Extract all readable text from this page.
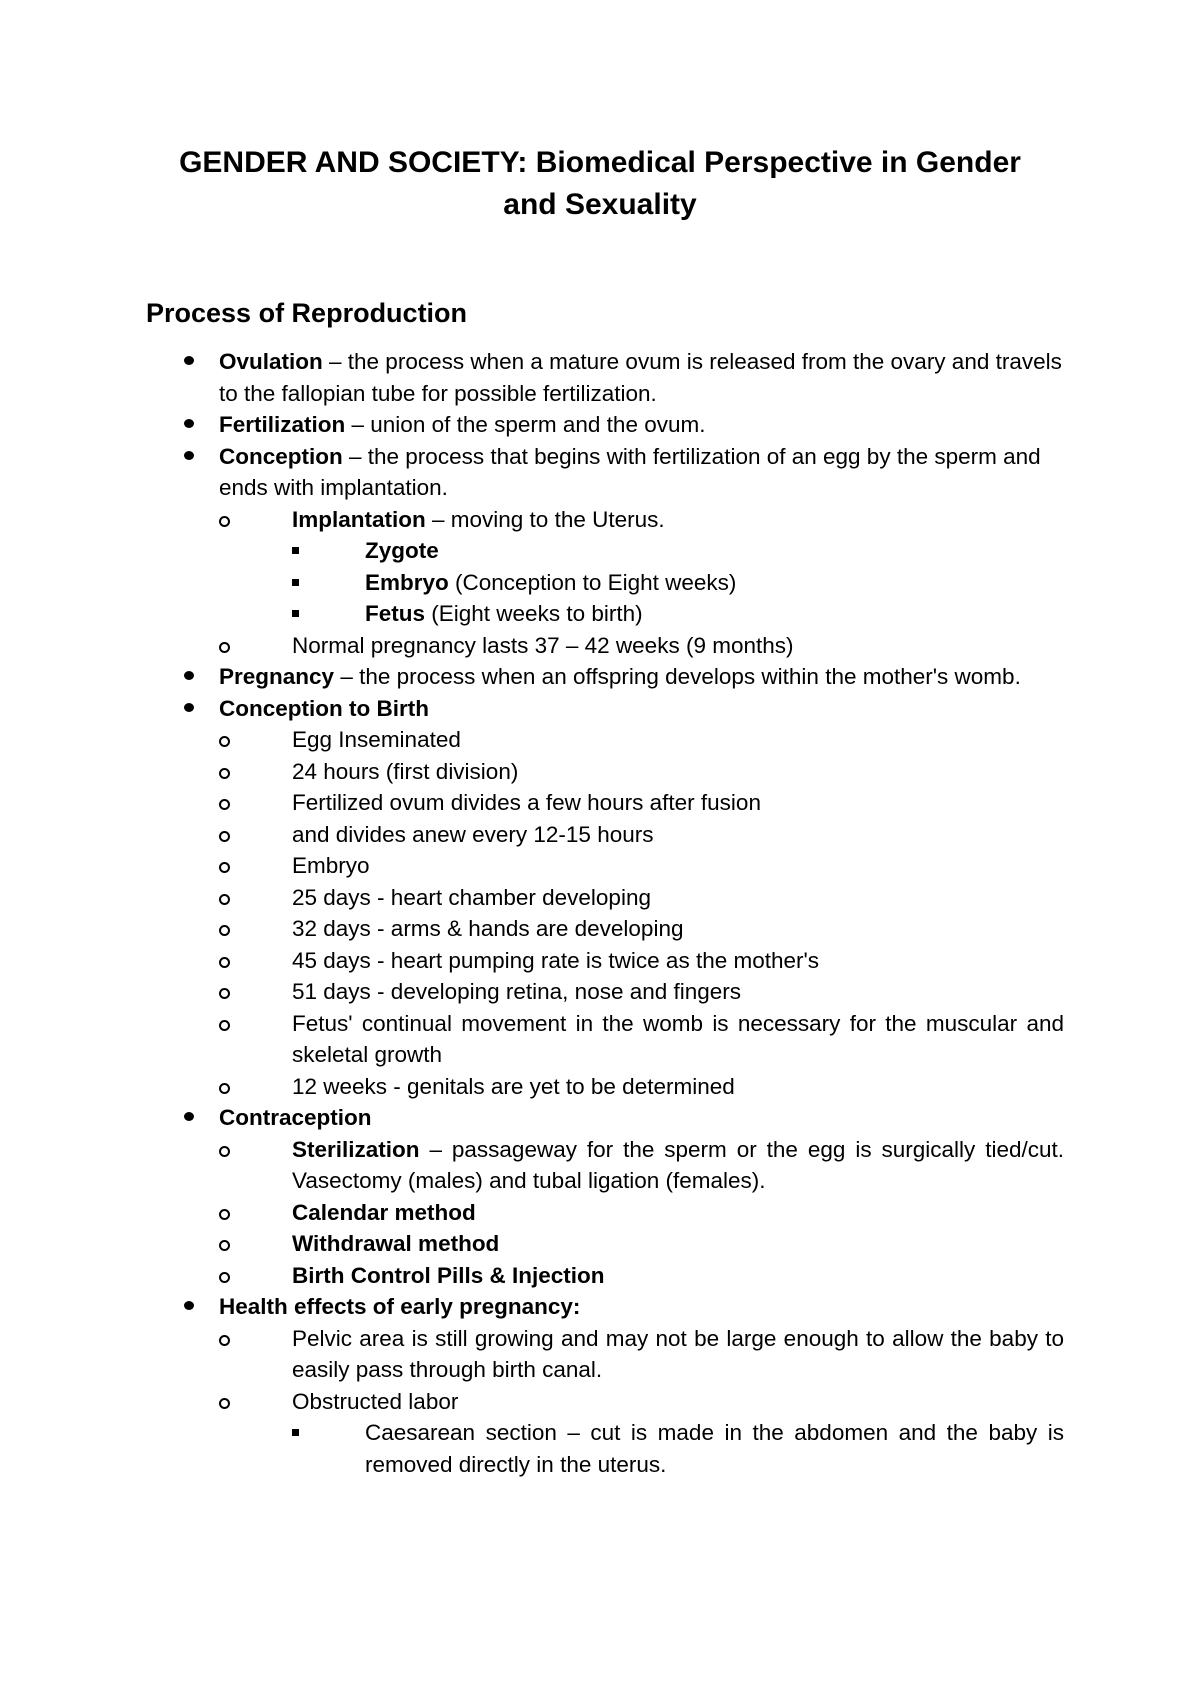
GENDER AND SOCIETY: Biomedical Perspective in Gender
and Sexuality
Process of Reproduction
Ovulation – the process when a mature ovum is released from the ovary and travels to the fallopian tube for possible fertilization.
Fertilization – union of the sperm and the ovum.
Conception – the process that begins with fertilization of an egg by the sperm and ends with implantation.
Implantation – moving to the Uterus.
Zygote
Embryo (Conception to Eight weeks)
Fetus (Eight weeks to birth)
Normal pregnancy lasts 37 – 42 weeks (9 months)
Pregnancy – the process when an offspring develops within the mother's womb.
Conception to Birth
Egg Inseminated
24 hours (first division)
Fertilized ovum divides a few hours after fusion
and divides anew every 12-15 hours
Embryo
25 days - heart chamber developing
32 days - arms & hands are developing
45 days - heart pumping rate is twice as the mother's
51 days - developing retina, nose and fingers
Fetus' continual movement in the womb is necessary for the muscular and skeletal growth
12 weeks - genitals are yet to be determined
Contraception
Sterilization – passageway for the sperm or the egg is surgically tied/cut. Vasectomy (males) and tubal ligation (females).
Calendar method
Withdrawal method
Birth Control Pills & Injection
Health effects of early pregnancy:
Pelvic area is still growing and may not be large enough to allow the baby to easily pass through birth canal.
Obstructed labor
Caesarean section – cut is made in the abdomen and the baby is removed directly in the uterus.
